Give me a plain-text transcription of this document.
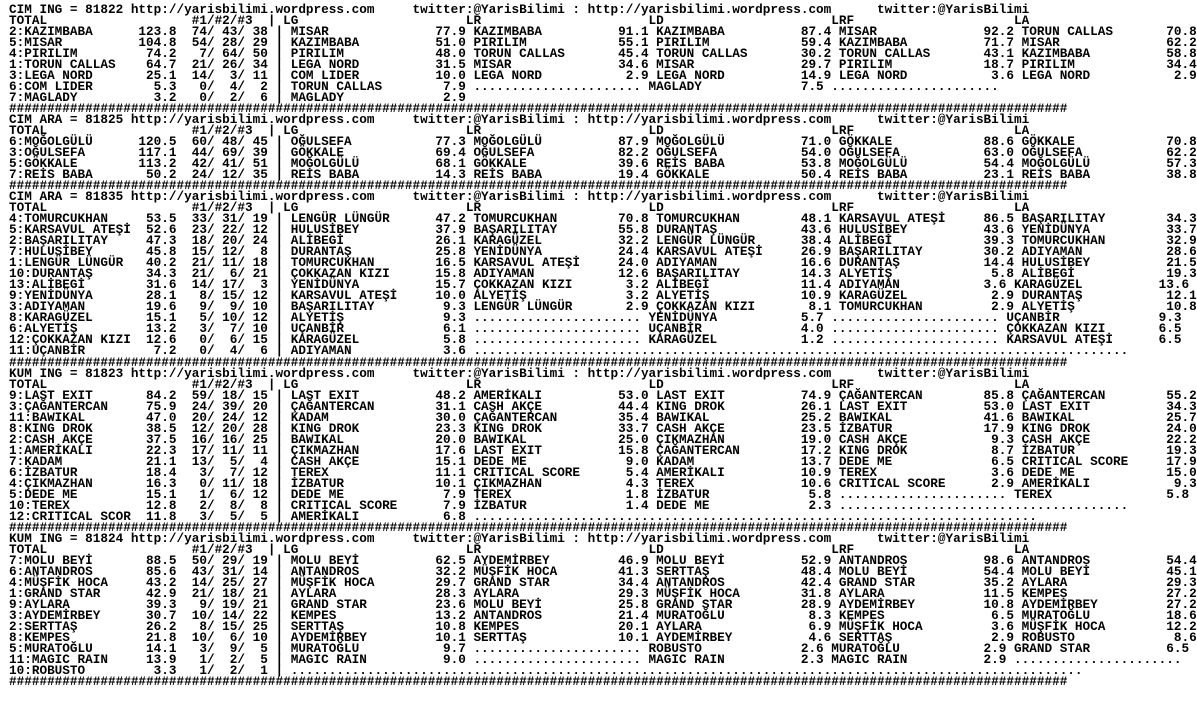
CIM ING = 81822 http://yarisbilimi.wordpress.com     twitter:@YarisBilimi : http://yarisbilimi.wordpress.com      twitter:@YarisBilimi
TOTAL                   #1/#2/#3  | LG                      LR                      LD                      LRF                     LA
2:KAZIMBABA      123.8  74/ 43/ 38 | MISAR              77.9 KAZIMBABA          91.1 KAZIMBABA          87.4 MISAR              92.2 TORUN CALLAS       70.8
5:MISAR          104.8  54/ 28/ 29 | KAZIMBABA          51.0 PIRILIM            55.1 PIRILIM            59.4 KAZIMBABA          71.7 MISAR              62.2
4:PIRILIM         74.2   7/ 64/ 50 | PIRILIM            48.0 TORUN CALLAS       45.4 TORUN CALLAS       30.2 TORUN CALLAS       43.1 KAZIMBABA          58.8
1:TORUN CALLAS    64.7  21/ 26/ 34 | LEGA NORD          31.5 MISAR              34.6 MISAR              29.7 PIRILIM            18.7 PIRILIM            34.4
3:LEGA NORD       25.1  14/  3/ 11 | COM LIDER          10.0 LEGA NORD           2.9 LEGA NORD          14.9 LEGA NORD           3.6 LEGA NORD           2.9
6:COM LIDER        5.3   0/  4/  2 | TORUN CALLAS        7.9 ...................... MAGLADY             7.5 ......................
7:MAGLADY          3.2   0/  2/  6 | MAGLADY             2.9
###########################################################################################################################################
CIM ARA = 81825 http://yarisbilimi.wordpress.com     twitter:@YarisBilimi : http://yarisbilimi.wordpress.com      twitter:@YarisBilimi
TOTAL                   #1/#2/#3  | LG                      LR                      LD                      LRF                     LA
6:MOĞOLGÜLÜ      120.5  60/ 48/ 45 | OĞULSEFA           77.3 MOĞOLGÜLÜ          87.9 MOĞOLGÜLÜ          71.0 GÖKKALE            88.6 GÖKKALE            70.8
3:OĞULSEFA       117.1  44/ 69/ 39 | GÖKKALE            69.4 OĞULSEFA           82.2 OĞULSEFA           54.0 OĞULSEFA           63.0 OĞULSEFA           62.2
5:GÖKKALE        113.2  42/ 41/ 51 | MOĞOLGÜLÜ          68.1 GÖKKALE            39.6 REİS BABA          53.8 MOĞOLGÜLÜ          54.4 MOĞOLGÜLÜ          57.3
7:REİS BABA       50.2  24/ 12/ 35 | REİS BABA          14.3 REİS BABA          19.4 GÖKKALE            50.4 REİS BABA          23.1 REİS BABA          38.8
###########################################################################################################################################
CIM ARA = 81835 http://yarisbilimi.wordpress.com     twitter:@YarisBilimi : http://yarisbilimi.wordpress.com      twitter:@YarisBilimi
TOTAL                   #1/#2/#3  | LG                      LR                      LD                      LRF                     LA
4:TOMURCUKHAN     53.5  33/ 31/ 19 | LENGÜR LÜNGÜR      47.2 TOMURCUKHAN        70.8 TOMURCUKHAN        48.1 KARSAVUL ATEŞİ     86.5 BAŞARILITAY        34.3
5:KARSAVUL ATEŞİ  52.6  23/ 22/ 12 | HULUSİBEY          37.9 BAŞARILITAY        55.8 DURANTAŞ           43.6 HULUSİBEY          43.6 YENİDÜNYA          33.7
2:BAŞARILITAY     47.3  18/ 20/ 24 | ALİBEGİ            26.1 KARAGÜZEL          32.2 LENGÜR LÜNGÜR      38.4 ALİBEGİ            39.3 TOMURCUKHAN        32.9
7:HULUSİBEY       45.8  15/ 12/  8 | DURANTAŞ           25.8 YENİDÜNYA          24.4 KARSAVUL ATEŞİ     26.9 BAŞARILITAY        30.2 ADIYAMAN           28.6
1:LENGÜR LÜNGÜR   40.2  21/ 11/ 18 | TOMURCUKHAN        16.5 KARSAVUL ATEŞİ     24.0 ADIYAMAN           16.6 DURANTAŞ           14.4 HULUSİBEY          21.5
10:DURANTAŞ       34.3  21/  6/ 21 | ÇOKKAZAN KIZI      15.8 ADIYAMAN           12.6 BAŞARILITAY        14.3 ALYETİŞ             5.8 ALİBEGİ            19.3
13:ALİBEGİ        31.6  14/ 17/  3 | YENİDÜNYA          15.7 ÇOKKAZAN KIZI       3.2 ALİBEGİ            11.4 ADIYAMAN           3.6 KARAGÜZEL          13.6
9:YENİDÜNYA       28.1   8/ 15/ 12 | KARSAVUL ATEŞİ     10.0 ALYETİŞ             3.2 ALYETİŞ            10.9 KARAGÜZEL           2.9 DURANTAŞ           12.1
3:ADIYAMAN        19.6   9/  9/ 10 | BAŞARILITAY         9.3 LENGÜR LÜNGÜR       2.9 ÇOKKAZAN KIZI       8.1 TOMURCUKHAN         2.9 ALYETİŞ            10.8
8:KARAGÜZEL       15.1   5/ 10/ 12 | ALYETİŞ             9.3 ...................... YENİDÜNYA           5.7 ...................... UÇANBİR             9.3
6:ALYETİŞ         13.2   3/  7/ 10 | UÇANBİR             6.1 ...................... UÇANBİR             4.0 ...................... ÇOKKAZAN KIZI       6.5
12:ÇOKKAZAN KIZI  12.6   0/  6/ 15 | KARAGÜZEL           5.8 ...................... KARAGÜZEL           1.2 ...................... KARSAVUL ATEŞİ      6.5
11:UÇANBİR         7.2   0/  4/  6 | ADIYAMAN            3.6 ......................................................................................
###########################################################################################################################################
KUM ING = 81823 http://yarisbilimi.wordpress.com     twitter:@YarisBilimi : http://yarisbilimi.wordpress.com      twitter:@YarisBilimi
TOTAL                   #1/#2/#3  | LG                      LR                      LD                      LRF                     LA
9:LAST EXIT       84.2  59/ 18/ 15 | LAST EXIT          48.2 AMERİKALI          53.0 LAST EXIT          74.9 ÇAĞANTERCAN        85.8 ÇAĞANTERCAN        55.2
3:ÇAĞANTERCAN     75.9  24/ 39/ 20 | ÇAĞANTERCAN        31.1 CASH AKÇE          44.4 KING DROK          26.1 LAST EXIT          53.0 LAST EXIT          34.3
11:BAWIKAL        47.0  20/ 24/ 12 | KADAM              30.0 ÇAĞANTERCAN        35.4 BAWIKAL            25.2 BAWIKAL            41.6 BAWIKAL            25.7
8:KING DROK       38.5  12/ 20/ 28 | KING DROK          23.3 KING DROK          33.7 CASH AKÇE          23.5 İZBATUR            17.9 KING DROK          24.0
2:CASH AKÇE       37.5  16/ 16/ 25 | BAWIKAL            20.0 BAWIKAL            25.0 ÇIKMAZHAN          19.0 CASH AKÇE           9.3 CASH AKÇE          22.2
1:AMERİKALI       22.3  17/ 11/ 11 | ÇIKMAZHAN          17.6 LAST EXIT          15.8 ÇAĞANTERCAN        17.2 KING DROK           8.7 İZBATUR            19.3
7:KADAM           21.1  13/  5/  4 | CASH AKÇE          15.1 DEDE ME             9.0 KADAM              13.7 DEDE ME             6.5 CRITICAL SCORE     17.9
6:İZBATUR         18.4   3/  7/ 12 | TEREX              11.1 CRITICAL SCORE      5.4 AMERİKALI          10.9 TEREX               3.6 DEDE ME            15.0
4:ÇIKMAZHAN       16.3   0/ 11/ 18 | İZBATUR            10.1 ÇIKMAZHAN           4.3 TEREX              10.6 CRITICAL SCORE      2.9 AMERİKALI           9.3
5:DEDE ME         15.1   1/  6/ 12 | DEDE ME             7.9 TEREX               1.8 İZBATUR             5.8 ...................... TEREX               5.8
10:TEREX          12.8   2/  8/  8 | CRITICAL SCORE      7.9 İZBATUR             1.4 DEDE ME             2.3 ......................................
12:CRITICAL SCOR  11.8   3/  5/  5 | AMERİKALI           6.8 ..........................................................................
###########################################################################################################################################
KUM ING = 81824 http://yarisbilimi.wordpress.com     twitter:@YarisBilimi : http://yarisbilimi.wordpress.com      twitter:@YarisBilimi
TOTAL                   #1/#2/#3  | LG                      LR                      LD                      LRF                     LA
7:MOLU BEYİ       88.5  50/ 29/ 19 | MOLU BEYİ          62.5 AYDEMİRBEY         46.9 MOLU BEYİ          52.9 ANTANDROS          98.6 ANTANDROS          54.4
6:ANTANDROS       85.6  43/ 31/ 14 | ANTANDROS          32.2 MÜŞFİK HOCA        41.3 SERTTAŞ            48.4 MOLU BEYİ          54.4 MOLU BEYİ          45.1
4:MÜŞFİK HOCA     43.2  14/ 25/ 27 | MÜŞFİK HOCA        29.7 GRAND STAR         34.4 ANTANDROS          42.4 GRAND STAR         35.2 AYLARA             29.3
1:GRAND STAR      42.9  21/ 18/ 21 | AYLARA             28.3 AYLARA             29.3 MÜŞFİK HOCA        31.8 AYLARA             11.5 KEMPES             27.2
9:AYLARA          39.3   9/ 19/ 21 | GRAND STAR         23.6 MOLU BEYİ          25.8 GRAND STAR         28.9 AYDEMİRBEY         10.8 AYDEMİRBEY         27.2
3:AYDEMİRBEY      30.7  10/ 14/ 22 | KEMPES             13.2 ANTANDROS          21.4 MURATOĞLU           8.3 KEMPES              6.5 MURATOĞLU          18.6
2:SERTTAŞ         26.2   8/ 15/ 25 | SERTTAŞ            10.8 KEMPES             20.1 AYLARA              6.9 MÜŞFİK HOCA         3.6 MÜŞFİK HOCA        12.2
8:KEMPES          21.8  10/  6/ 10 | AYDEMİRBEY         10.1 SERTTAŞ            10.1 AYDEMİRBEY          4.6 SERTTAŞ             2.9 ROBUSTO             8.6
5:MURATOĞLU       14.1   3/  9/  5 | MURATOĞLU           9.7 ...................... ROBUSTO             2.6 MURATOĞLU           2.9 GRAND STAR          6.5
11:MAGIC RAIN     13.9   1/  2/  5 | MAGIC RAIN          9.0 ...................... MAGIC RAIN          2.3 MAGIC RAIN          2.9 ......................
10:ROBUSTO         3.3   1/  2/  1 | ........................................................................................................
###########################################################################################################################################
